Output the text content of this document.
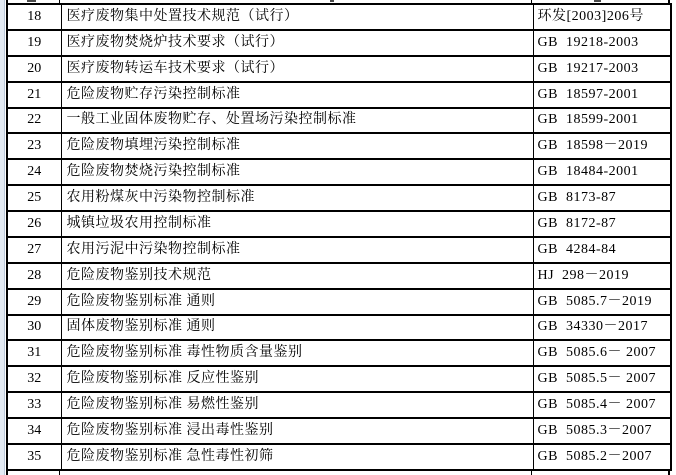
18	医疗废物集中处置技术规范（试行）	环发[2003]206号
19	医疗废物焚烧炉技术要求（试行）	GB  19218-2003
20	医疗废物转运车技术要求（试行）	GB  19217-2003
21	危险废物贮存污染控制标准	GB  18597-2001
22	一般工业固体废物贮存、处置场污染控制标准	GB  18599-2001
23	危险废物填埋污染控制标准	GB  18598－2019
24	危险废物焚烧污染控制标准	GB  18484-2001
25	农用粉煤灰中污染物控制标准	GB  8173-87
26	城镇垃圾农用控制标准	GB  8172-87
27	农用污泥中污染物控制标准	GB  4284-84
28	危险废物鉴别技术规范	HJ  298－2019
29	危险废物鉴别标准 通则	GB  5085.7－2019
30	固体废物鉴别标准 通则	GB  34330－2017
31	危险废物鉴别标准 毒性物质含量鉴别	GB  5085.6－ 2007
32	危险废物鉴别标准 反应性鉴别	GB  5085.5－ 2007
33	危险废物鉴别标准 易燃性鉴别	GB  5085.4－ 2007
34	危险废物鉴别标准 浸出毒性鉴别	GB  5085.3－2007
35	危险废物鉴别标准 急性毒性初筛	GB  5085.2－2007
